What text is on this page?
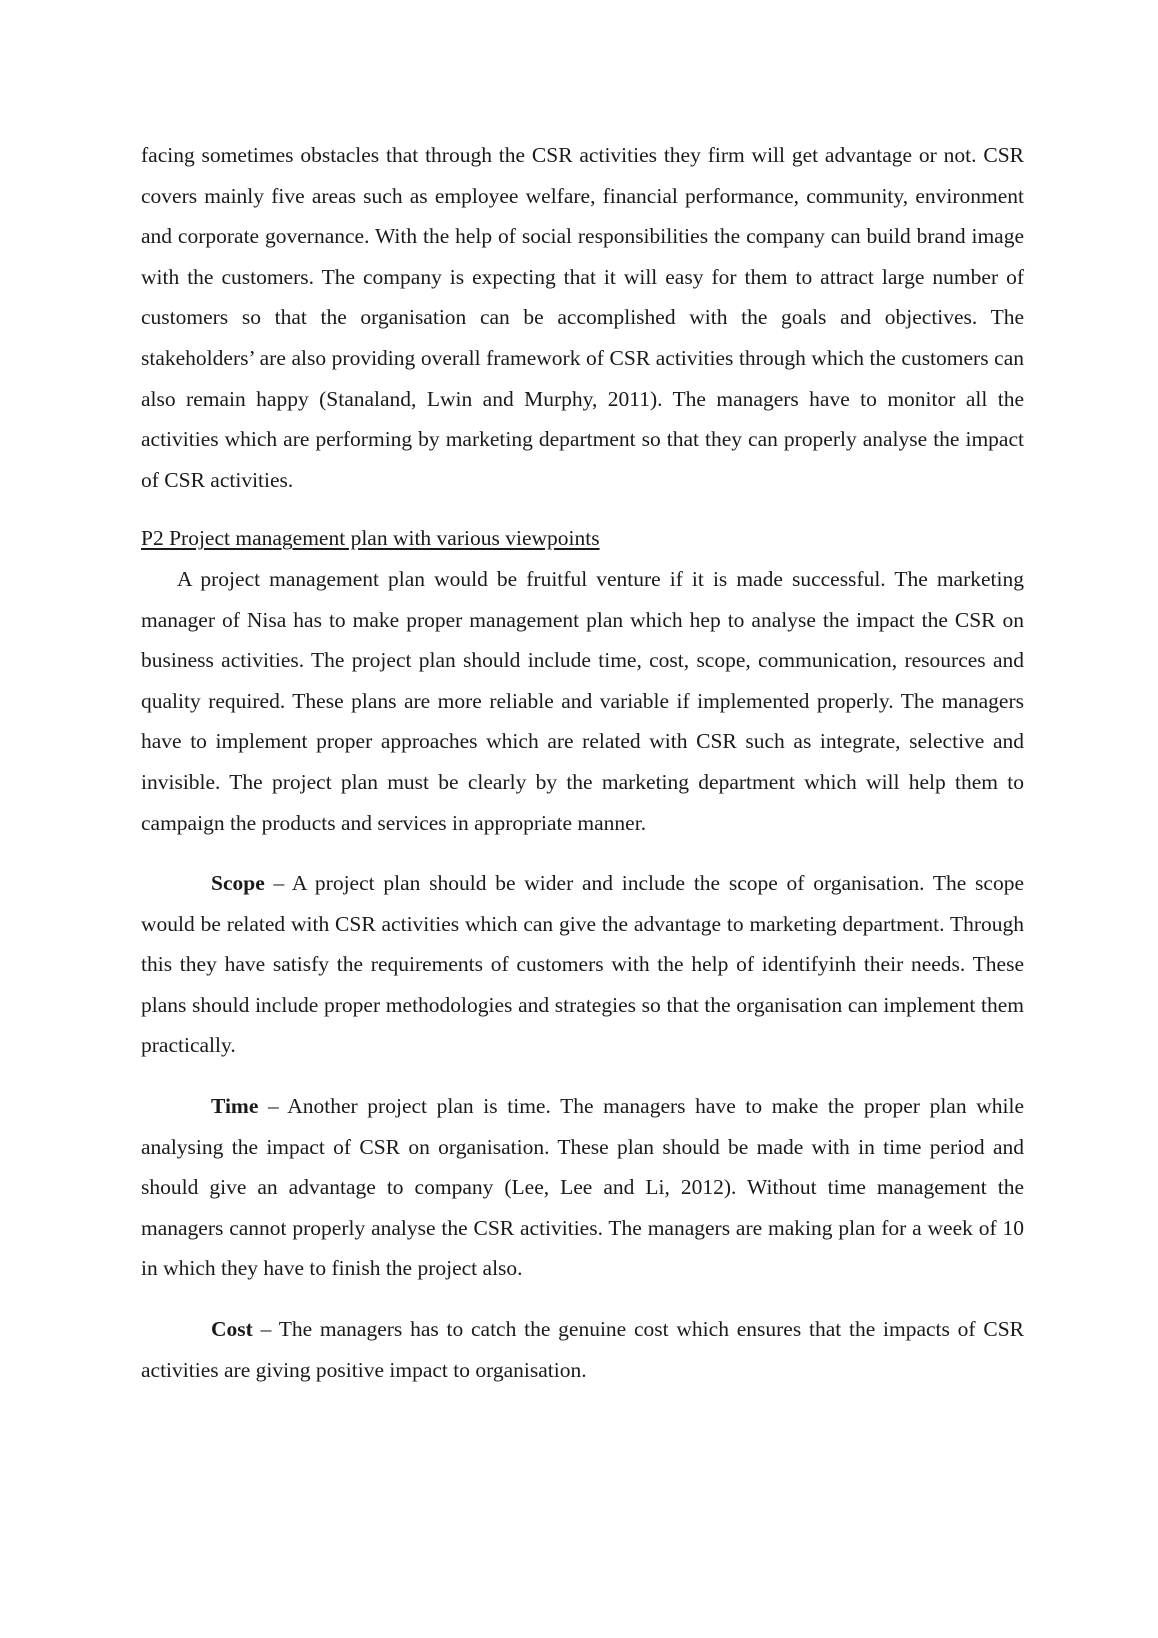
facing sometimes obstacles that through the CSR activities they firm will get advantage or not. CSR covers mainly five areas such as employee welfare, financial performance, community, environment and corporate governance. With the help of social responsibilities the company can build brand image with the customers. The company is expecting that it will easy for them to attract large number of customers so that the organisation can be accomplished with the goals and objectives. The stakeholders’ are also providing overall framework of CSR activities through which the customers can also remain happy (Stanaland, Lwin and Murphy, 2011). The managers have to monitor all the activities which are performing by marketing department so that they can properly analyse the impact of CSR activities.

P2 Project management plan with various viewpoints

A project management plan would be fruitful venture if it is made successful. The marketing manager of Nisa has to make proper management plan which hep to analyse the impact the CSR on business activities. The project plan should include time, cost, scope, communication, resources and quality required. These plans are more reliable and variable if implemented properly. The managers have to implement proper approaches which are related with CSR such as integrate, selective and invisible. The project plan must be clearly by the marketing department which will help them to campaign the products and services in appropriate manner.

Scope – A project plan should be wider and include the scope of organisation. The scope would be related with CSR activities which can give the advantage to marketing department. Through this they have satisfy the requirements of customers with the help of identifyinh their needs. These plans should include proper methodologies and strategies so that the organisation can implement them practically.

Time – Another project plan is time. The managers have to make the proper plan while analysing the impact of CSR on organisation. These plan should be made with in time period and should give an advantage to company (Lee, Lee and Li, 2012). Without time management the managers cannot properly analyse the CSR activities. The managers are making plan for a week of 10 in which they have to finish the project also.

Cost – The managers has to catch the genuine cost which ensures that the impacts of CSR activities are giving positive impact to organisation.
